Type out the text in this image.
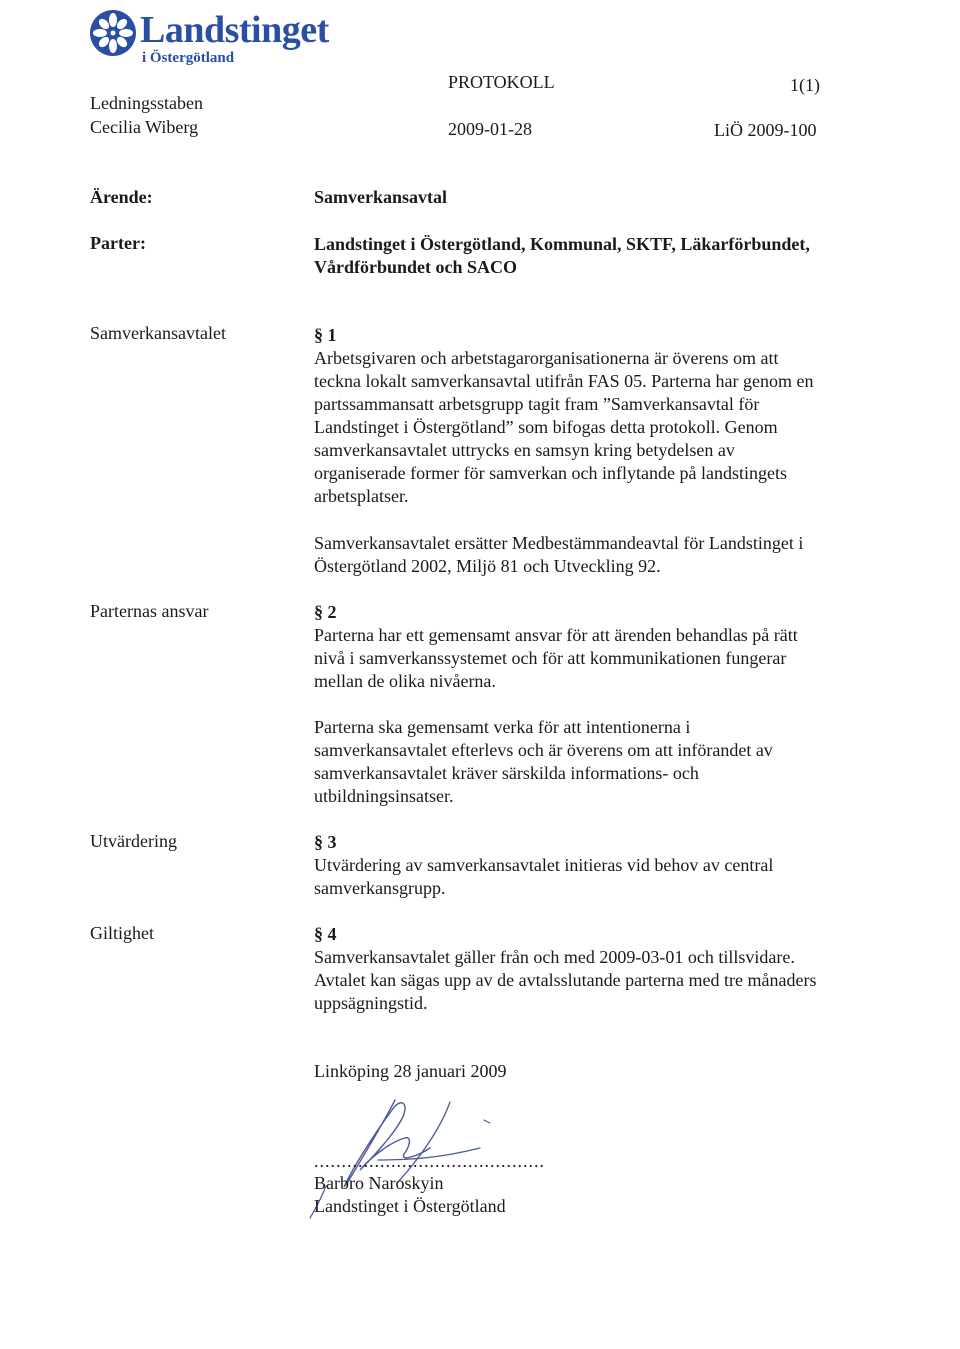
Landstinget
i Östergötland
Ledningsstaben
Cecilia Wiberg
PROTOKOLL	1(1)
2009-01-28	LiÖ 2009-100
Ärende:	Samverkansavtal
Parter:	Landstinget i Östergötland, Kommunal, SKTF, Läkarförbundet,
Vårdförbundet och SACO
Samverkansavtalet	§ 1
Arbetsgivaren och arbetstagarorganisationerna är överens om att
teckna lokalt samverkansavtal utifrån FAS 05. Parterna har genom en
partssammansatt arbetsgrupp tagit fram ”Samverkansavtal för
Landstinget i Östergötland” som bifogas detta protokoll. Genom
samverkansavtalet uttrycks en samsyn kring betydelsen av
organiserade former för samverkan och inflytande på landstingets
arbetsplatser.
Samverkansavtalet ersätter Medbestämmandeavtal för Landstinget i
Östergötland 2002, Miljö 81 och Utveckling 92.
Parternas ansvar	§ 2
Parterna har ett gemensamt ansvar för att ärenden behandlas på rätt
nivå i samverkanssystemet och för att kommunikationen fungerar
mellan de olika nivåerna.
Parterna ska gemensamt verka för att intentionerna i
samverkansavtalet efterlevs och är överens om att införandet av
samverkansavtalet kräver särskilda informations- och
utbildningsinsatser.
Utvärdering	§ 3
Utvärdering av samverkansavtalet initieras vid behov av central
samverkansgrupp.
Giltighet	§ 4
Samverkansavtalet gäller från och med 2009-03-01 och tillsvidare.
Avtalet kan sägas upp av de avtalsslutande parterna med tre månaders
uppsägningstid.
Linköping 28 januari 2009
..........................................
Barbro Naroskyin
Landstinget i Östergötland
